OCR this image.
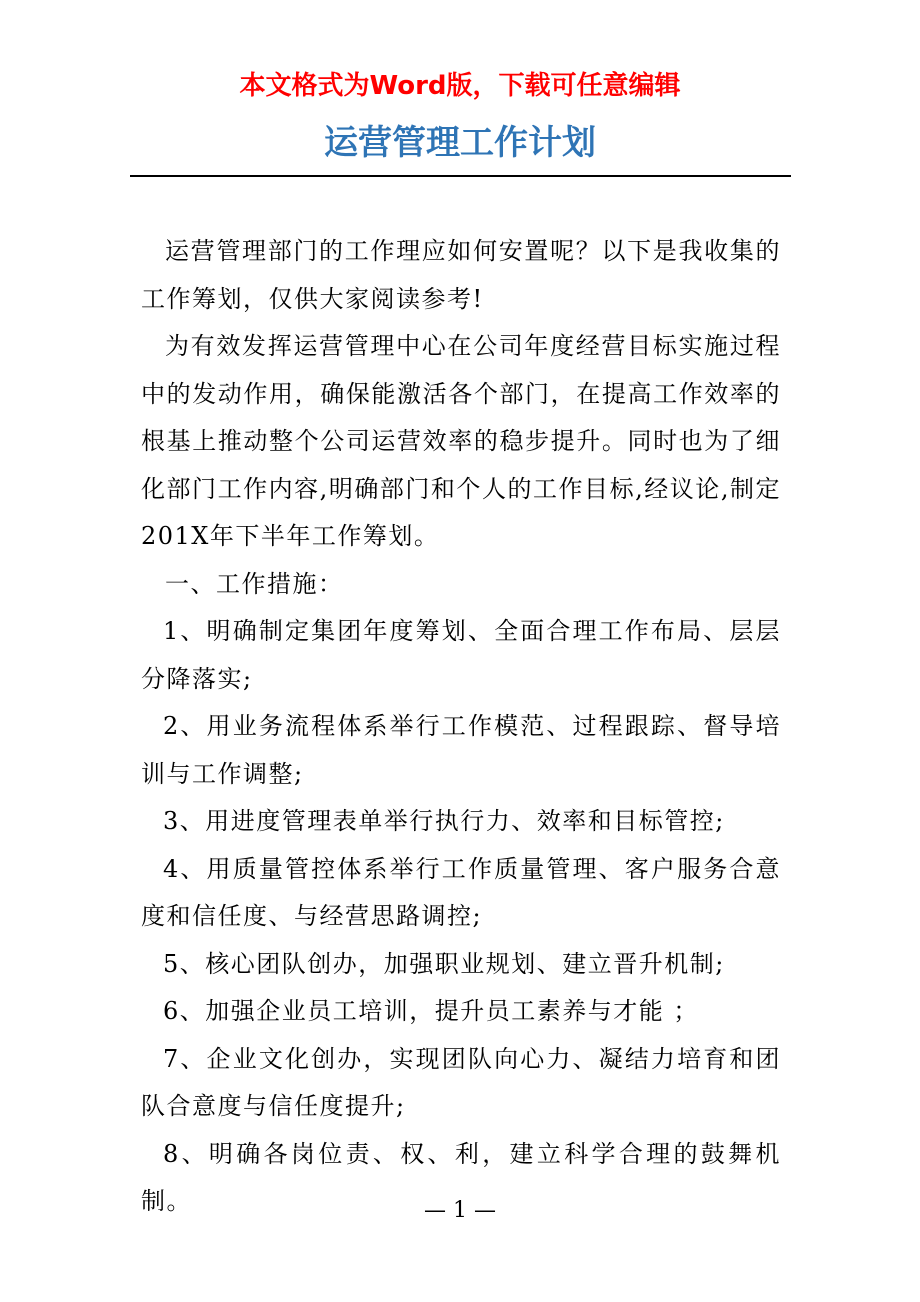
本文格式为Word版，下载可任意编辑
运营管理工作计划

运营管理部门的工作理应如何安置呢？以下是我收集的工作筹划，仅供大家阅读参考!

为有效发挥运营管理中心在公司年度经营目标实施过程中的发动作用，确保能激活各个部门，在提高工作效率的根基上推动整个公司运营效率的稳步提升。同时也为了细化部门工作内容,明确部门和个人的工作目标,经议论,制定201X年下半年工作筹划。

一、工作措施：

1、明确制定集团年度筹划、全面合理工作布局、层层分降落实;

2、用业务流程体系举行工作模范、过程跟踪、督导培训与工作调整;

3、用进度管理表单举行执行力、效率和目标管控;

4、用质量管控体系举行工作质量管理、客户服务合意度和信任度、与经营思路调控;

5、核心团队创办，加强职业规划、建立晋升机制;

6、加强企业员工培训，提升员工素养与才能 ；

7、企业文化创办，实现团队向心力、凝结力培育和团队合意度与信任度提升;

8、明确各岗位责、权、利，建立科学合理的鼓舞机制。	— 1 —
